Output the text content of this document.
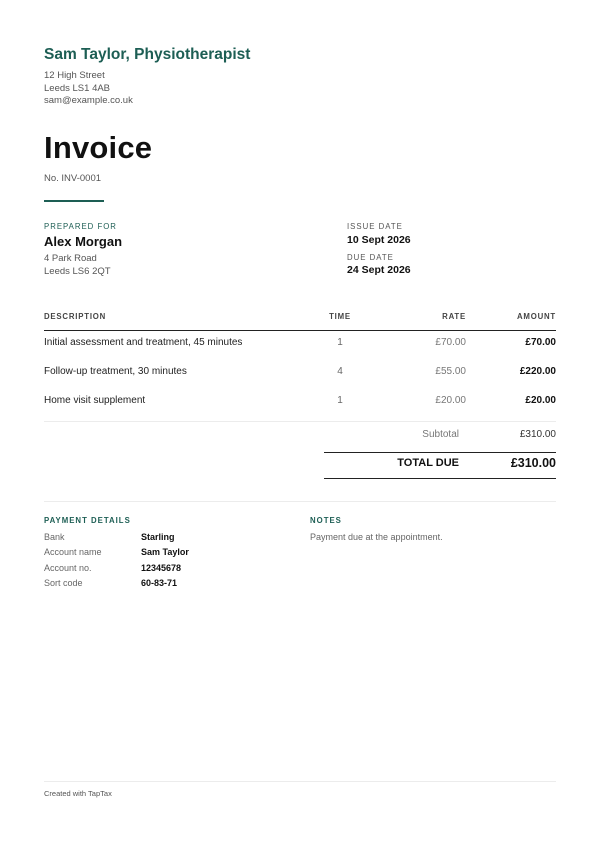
Sam Taylor, Physiotherapist
12 High Street
Leeds LS1 4AB
sam@example.co.uk
Invoice
No. INV-0001
PREPARED FOR
Alex Morgan
4 Park Road
Leeds LS6 2QT
ISSUE DATE
10 Sept 2026
DUE DATE
24 Sept 2026
DESCRIPTION	TIME	RATE	AMOUNT
Initial assessment and treatment, 45 minutes	1	£70.00	£70.00
Follow-up treatment, 30 minutes	4	£55.00	£220.00
Home visit supplement	1	£20.00	£20.00
Subtotal	£310.00
TOTAL DUE	£310.00
PAYMENT DETAILS
Bank	Starling
Account name	Sam Taylor
Account no.	12345678
Sort code	60-83-71
NOTES
Payment due at the appointment.
Created with TapTax
